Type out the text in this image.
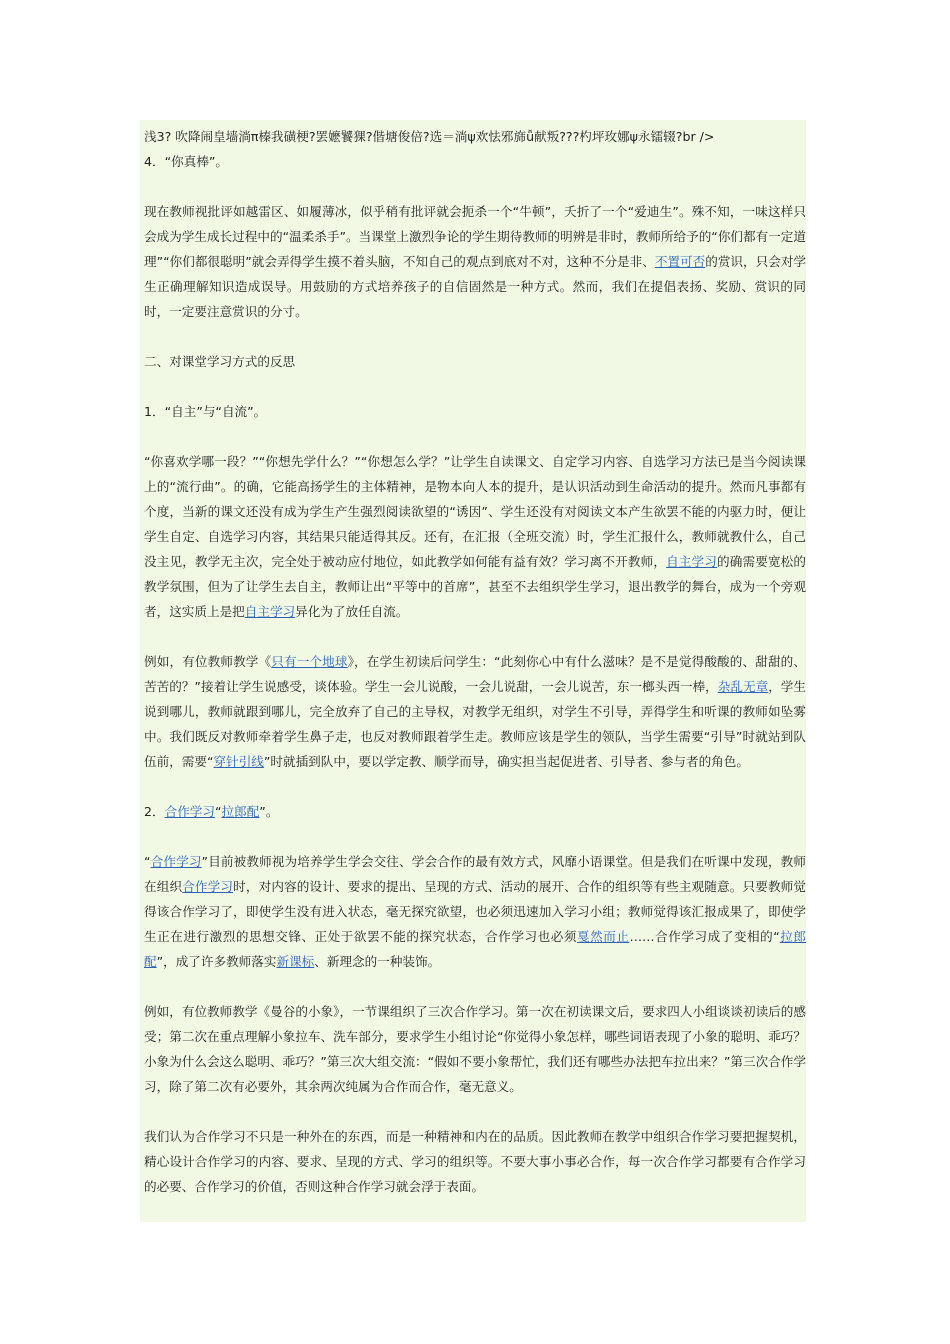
浅3? 吹降闹皇墙淌π榛我磺梗?罢嬷饕猓?偕塘俊倍?选＝淌ψ欢怯邪旆ǚ献叛???杓坪玫娜ψ永镭辍?br />

4．“你真棒”。

现在教师视批评如越雷区、如履薄冰，似乎稍有批评就会扼杀一个“牛顿”，夭折了一个“爱迪生”。殊不知，一味这样只会成为学生成长过程中的“温柔杀手”。当课堂上激烈争论的学生期待教师的明辨是非时，教师所给予的“你们都有一定道理”“你们都很聪明”就会弄得学生摸不着头脑，不知自己的观点到底对不对，这种不分是非、不置可否的赏识，只会对学生正确理解知识造成误导。用鼓励的方式培养孩子的自信固然是一种方式。然而，我们在提倡表扬、奖励、赏识的同时，一定要注意赏识的分寸。

二、对课堂学习方式的反思

1．“自主”与“自流”。

“你喜欢学哪一段？”“你想先学什么？”“你想怎么学？”让学生自读课文、自定学习内容、自选学习方法已是当今阅读课上的“流行曲”。的确，它能高扬学生的主体精神，是物本向人本的提升，是认识活动到生命活动的提升。然而凡事都有个度，当新的课文还没有成为学生产生强烈阅读欲望的“诱因”、学生还没有对阅读文本产生欲罢不能的内驱力时，便让学生自定、自选学习内容，其结果只能适得其反。还有，在汇报（全班交流）时，学生汇报什么，教师就教什么，自己没主见，教学无主次，完全处于被动应付地位，如此教学如何能有益有效？学习离不开教师，自主学习的确需要宽松的教学氛围，但为了让学生去自主，教师让出“平等中的首席”，甚至不去组织学生学习，退出教学的舞台，成为一个旁观者，这实质上是把自主学习异化为了放任自流。

例如，有位教师教学《只有一个地球》，在学生初读后问学生：“此刻你心中有什么滋味？是不是觉得酸酸的、甜甜的、苦苦的？”接着让学生说感受，谈体验。学生一会儿说酸，一会儿说甜，一会儿说苦，东一榔头西一棒，杂乱无章，学生说到哪儿，教师就跟到哪儿，完全放弃了自己的主导权，对教学无组织，对学生不引导，弄得学生和听课的教师如坠雾中。我们既反对教师牵着学生鼻子走，也反对教师跟着学生走。教师应该是学生的领队，当学生需要“引导”时就站到队伍前，需要“穿针引线”时就插到队中，要以学定教、顺学而导，确实担当起促进者、引导者、参与者的角色。

2．合作学习“拉郎配”。

“合作学习”目前被教师视为培养学生学会交往、学会合作的最有效方式，风靡小语课堂。但是我们在听课中发现，教师在组织合作学习时，对内容的设计、要求的提出、呈现的方式、活动的展开、合作的组织等有些主观随意。只要教师觉得该合作学习了，即使学生没有进入状态，毫无探究欲望，也必须迅速加入学习小组；教师觉得该汇报成果了，即使学生正在进行激烈的思想交锋、正处于欲罢不能的探究状态，合作学习也必须戛然而止……合作学习成了变相的“拉郎配”，成了许多教师落实新课标、新理念的一种装饰。

例如，有位教师教学《曼谷的小象》，一节课组织了三次合作学习。第一次在初读课文后，要求四人小组谈谈初读后的感受；第二次在重点理解小象拉车、洗车部分，要求学生小组讨论“你觉得小象怎样，哪些词语表现了小象的聪明、乖巧？小象为什么会这么聪明、乖巧？”第三次大组交流：“假如不要小象帮忙，我们还有哪些办法把车拉出来？”第三次合作学习，除了第二次有必要外，其余两次纯属为合作而合作，毫无意义。

我们认为合作学习不只是一种外在的东西，而是一种精神和内在的品质。因此教师在教学中组织合作学习要把握契机，精心设计合作学习的内容、要求、呈现的方式、学习的组织等。不要大事小事必合作，每一次合作学习都要有合作学习的必要、合作学习的价值，否则这种合作学习就会浮于表面。
